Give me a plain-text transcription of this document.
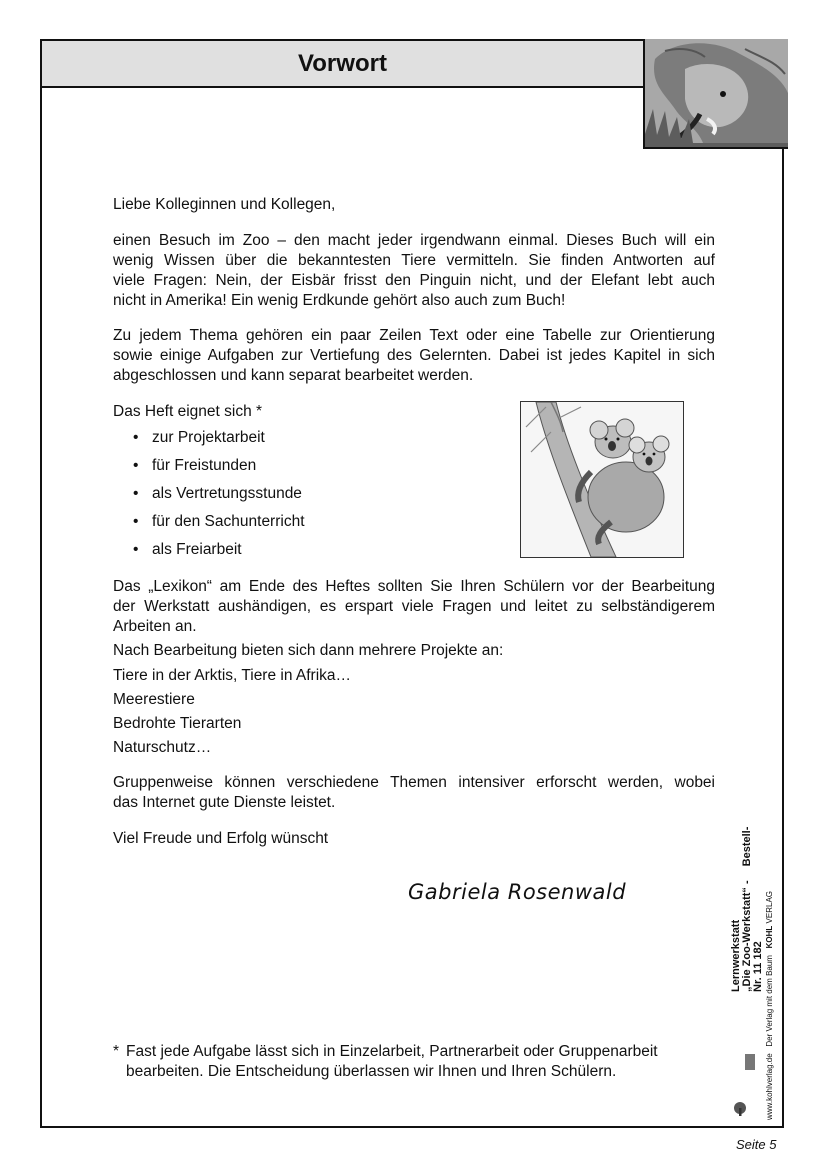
Vorwort

Liebe Kolleginnen und Kollegen,

einen Besuch im Zoo – den macht jeder irgendwann einmal. Dieses Buch will ein
wenig Wissen über die bekanntesten Tiere vermitteln. Sie finden Antworten auf
viele Fragen: Nein, der Eisbär frisst den Pinguin nicht, und der Elefant lebt auch
nicht in Amerika! Ein wenig Erdkunde gehört also auch zum Buch!
Zu jedem Thema gehören ein paar Zeilen Text oder eine Tabelle zur Orientierung
sowie einige Aufgaben zur Vertiefung des Gelernten. Dabei ist jedes Kapitel in sich
abgeschlossen und kann separat bearbeitet werden.

Das Heft eignet sich *

• zur Projektarbeit
• für Freistunden
• als Vertretungsstunde
• für den Sachunterricht
• als Freiarbeit
Das „Lexikon“ am Ende des Heftes sollten Sie Ihren Schülern vor der Bearbeitung
der Werkstatt aushändigen, es erspart viele Fragen und leitet zu selbständigerem
Arbeiten an.

Nach Bearbeitung bieten sich dann mehrere Projekte an:

Tiere in der Arktis, Tiere in Afrika…
Meerestiere
Bedrohte Tierarten
Naturschutz…
Gruppenweise können verschiedene Themen intensiver erforscht werden, wobei
das Internet gute Dienste leistet.

Viel Freude und Erfolg wünscht

Gabriela Rosenwald
* Fast jede Aufgabe lässt sich in Einzelarbeit, Partnerarbeit oder Gruppenarbeit
bearbeiten. Die Entscheidung überlassen wir Ihnen und Ihren Schülern.
Lernwerkstatt „Die Zoo-Werkstatt“ -Bestell-Nr. 11 182
www.kohlverlag.de   Der Verlag mit dem Baum   KOHL VERLAG
Seite 5
